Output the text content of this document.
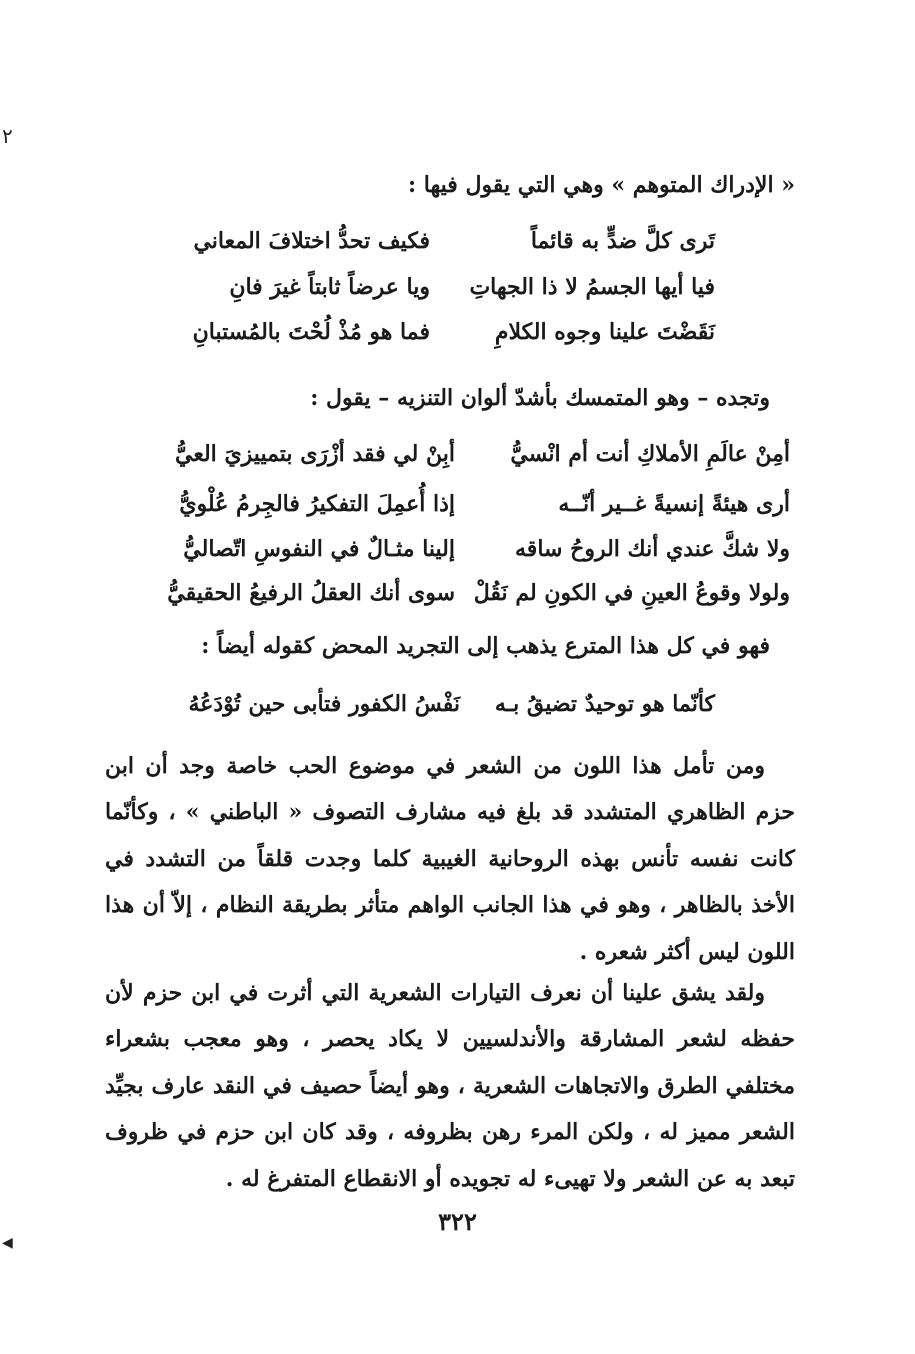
٢
◀
« الإدراك المتوهم » وهي التي يقول فيها :
تَرى كلَّ ضدٍّ به قائماً
فكيف تحدُّ اختلافَ المعاني
فيا أيها الجسمُ لا ذا الجهاتِ
ويا عرضاً ثابتاً غيرَ فانِ
نَقَضْتَ علينا وجوه الكلامِ
فما هو مُذْ لُحْتَ بالمُستبانِ
وتجده – وهو المتمسك بأشدّ ألوان التنزيه – يقول :
أمِنْ عالَمِ الأملاكِ أنت أم انْسيُّ
أبِنْ لي فقد أزْرَى بتمييزيَ العيُّ
أرى هيئةً إنسيةً غــير أنّــه
إذا أُعمِلَ التفكيرُ فالجِرمُ عُلْويُّ
ولا شكَّ عندي أنك الروحُ ساقه
إلينا مثـالٌ في النفوسِ اتّصاليُّ
ولولا وقوعُ العينِ في الكونِ لم نَقُلْ
سوى أنك العقلُ الرفيعُ الحقيقيُّ
فهو في كل هذا المترع يذهب إلى التجريد المحض كقوله أيضاً :
كأنّما هو توحيدٌ تضيقُ بـه
نَفْسُ الكفور فتأبى حين تُوْدَعُهُ
ومن تأمل هذا اللون من الشعر في موضوع الحب خاصة وجد أن ابن حزم الظاهري المتشدد قد بلغ فيه مشارف التصوف « الباطني » ، وكأنّما كانت نفسه تأنس بهذه الروحانية الغيبية كلما وجدت قلقاً من التشدد في الأخذ بالظاهر ، وهو في هذا الجانب الواهم متأثر بطريقة النظام ، إلاّ أن هذا اللون ليس أكثر شعره .
ولقد يشق علينا أن نعرف التيارات الشعرية التي أثرت في ابن حزم لأن حفظه لشعر المشارقة والأندلسيين لا يكاد يحصر ، وهو معجب بشعراء مختلفي الطرق والاتجاهات الشعرية ، وهو أيضاً حصيف في النقد عارف بجيِّد الشعر مميز له ، ولكن المرء رهن بظروفه ، وقد كان ابن حزم في ظروف تبعد به عن الشعر ولا تهيىء له تجويده أو الانقطاع المتفرغ له .
٣٢٢
